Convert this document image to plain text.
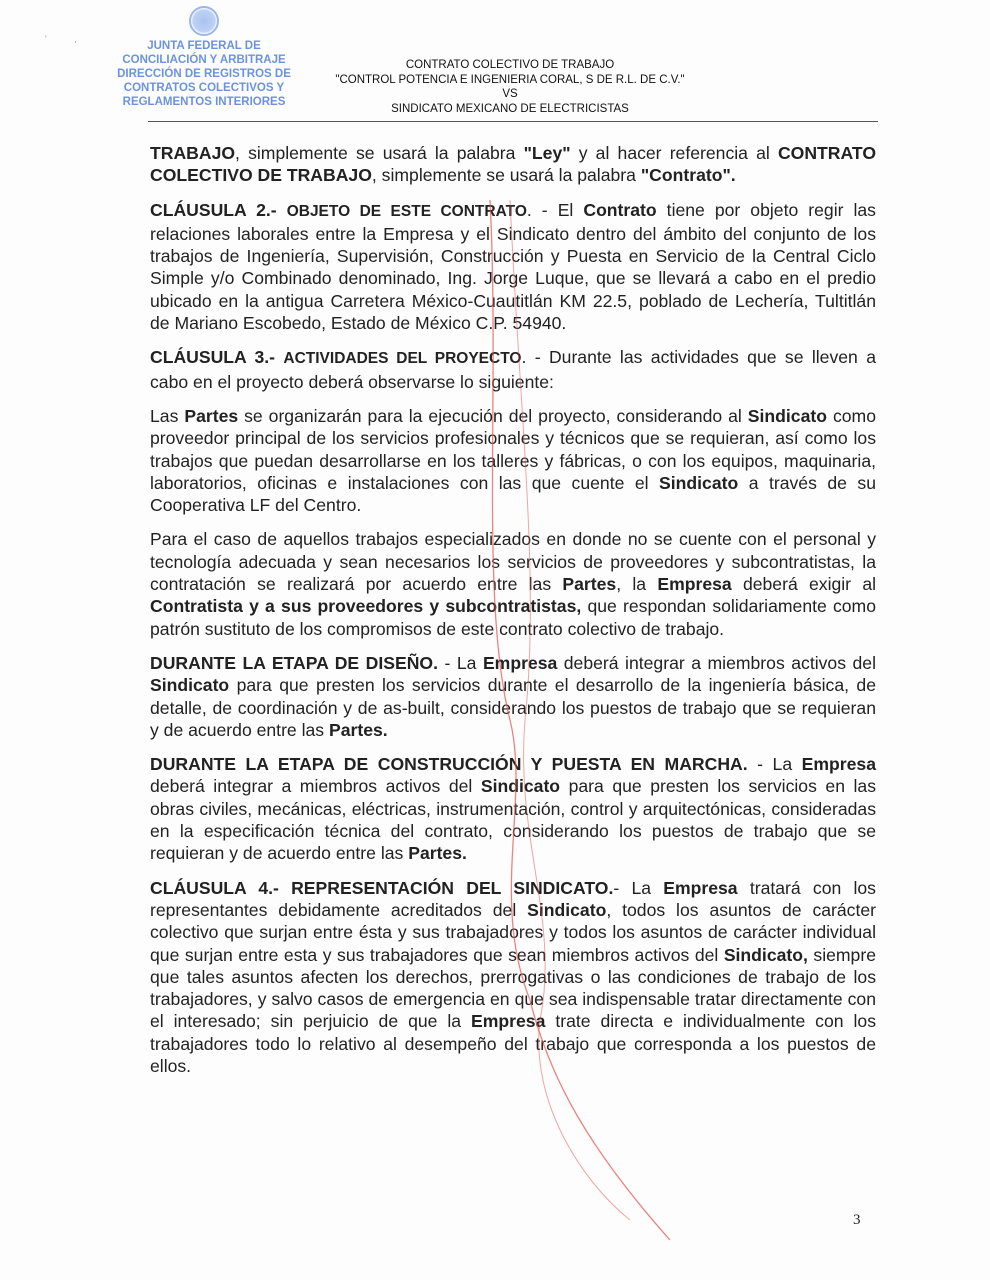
'           ,
CONTRATO COLECTIVO DE TRABAJO
"CONTROL POTENCIA E INGENIERIA CORAL, S DE R.L. DE C.V."
VS
SINDICATO MEXICANO DE ELECTRICISTAS

TRABAJO, simplemente se usará la palabra "Ley" y al hacer referencia al CONTRATO COLECTIVO DE TRABAJO, simplemente se usará la palabra "Contrato".

CLÁUSULA 2.- OBJETO DE ESTE CONTRATO. - El Contrato tiene por objeto regir las relaciones laborales entre la Empresa y el Sindicato dentro del ámbito del conjunto de los trabajos de Ingeniería, Supervisión, Construcción y Puesta en Servicio de la Central Ciclo Simple y/o Combinado denominado, Ing. Jorge Luque, que se llevará a cabo en el predio ubicado en la antigua Carretera México-Cuautitlán KM 22.5, poblado de Lechería, Tultitlán de Mariano Escobedo, Estado de México C.P. 54940.

CLÁUSULA 3.- ACTIVIDADES DEL PROYECTO. - Durante las actividades que se lleven a cabo en el proyecto deberá observarse lo siguiente:

Las Partes se organizarán para la ejecución del proyecto, considerando al Sindicato como proveedor principal de los servicios profesionales y técnicos que se requieran, así como los trabajos que puedan desarrollarse en los talleres y fábricas, o con los equipos, maquinaria, laboratorios, oficinas e instalaciones con las que cuente el Sindicato a través de su Cooperativa LF del Centro.

Para el caso de aquellos trabajos especializados en donde no se cuente con el personal y tecnología adecuada y sean necesarios los servicios de proveedores y subcontratistas, la contratación se realizará por acuerdo entre las Partes, la Empresa deberá exigir al Contratista y a sus proveedores y subcontratistas, que respondan solidariamente como patrón sustituto de los compromisos de este contrato colectivo de trabajo.

DURANTE LA ETAPA DE DISEÑO. - La Empresa deberá integrar a miembros activos del Sindicato para que presten los servicios durante el desarrollo de la ingeniería básica, de detalle, de coordinación y de as-built, considerando los puestos de trabajo que se requieran y de acuerdo entre las Partes.

DURANTE LA ETAPA DE CONSTRUCCIÓN Y PUESTA EN MARCHA. - La Empresa deberá integrar a miembros activos del Sindicato para que presten los servicios en las obras civiles, mecánicas, eléctricas, instrumentación, control y arquitectónicas, consideradas en la especificación técnica del contrato, considerando los puestos de trabajo que se requieran y de acuerdo entre las Partes.

CLÁUSULA 4.- REPRESENTACIÓN DEL SINDICATO.- La Empresa tratará con los representantes debidamente acreditados del Sindicato, todos los asuntos de carácter colectivo que surjan entre ésta y sus trabajadores y todos los asuntos de carácter individual que surjan entre esta y sus trabajadores que sean miembros activos del Sindicato, siempre que tales asuntos afecten los derechos, prerrogativas o las condiciones de trabajo de los trabajadores, y salvo casos de emergencia en que sea indispensable tratar directamente con el interesado; sin perjuicio de que la Empresa trate directa e individualmente con los trabajadores todo lo relativo al desempeño del trabajo que corresponda a los puestos de ellos.

JUNTA FEDERAL DE
CONCILIACIÓN Y ARBITRAJE
DIRECCIÓN DE REGISTROS DE
CONTRATOS COLECTIVOS Y
REGLAMENTOS INTERIORES
3
